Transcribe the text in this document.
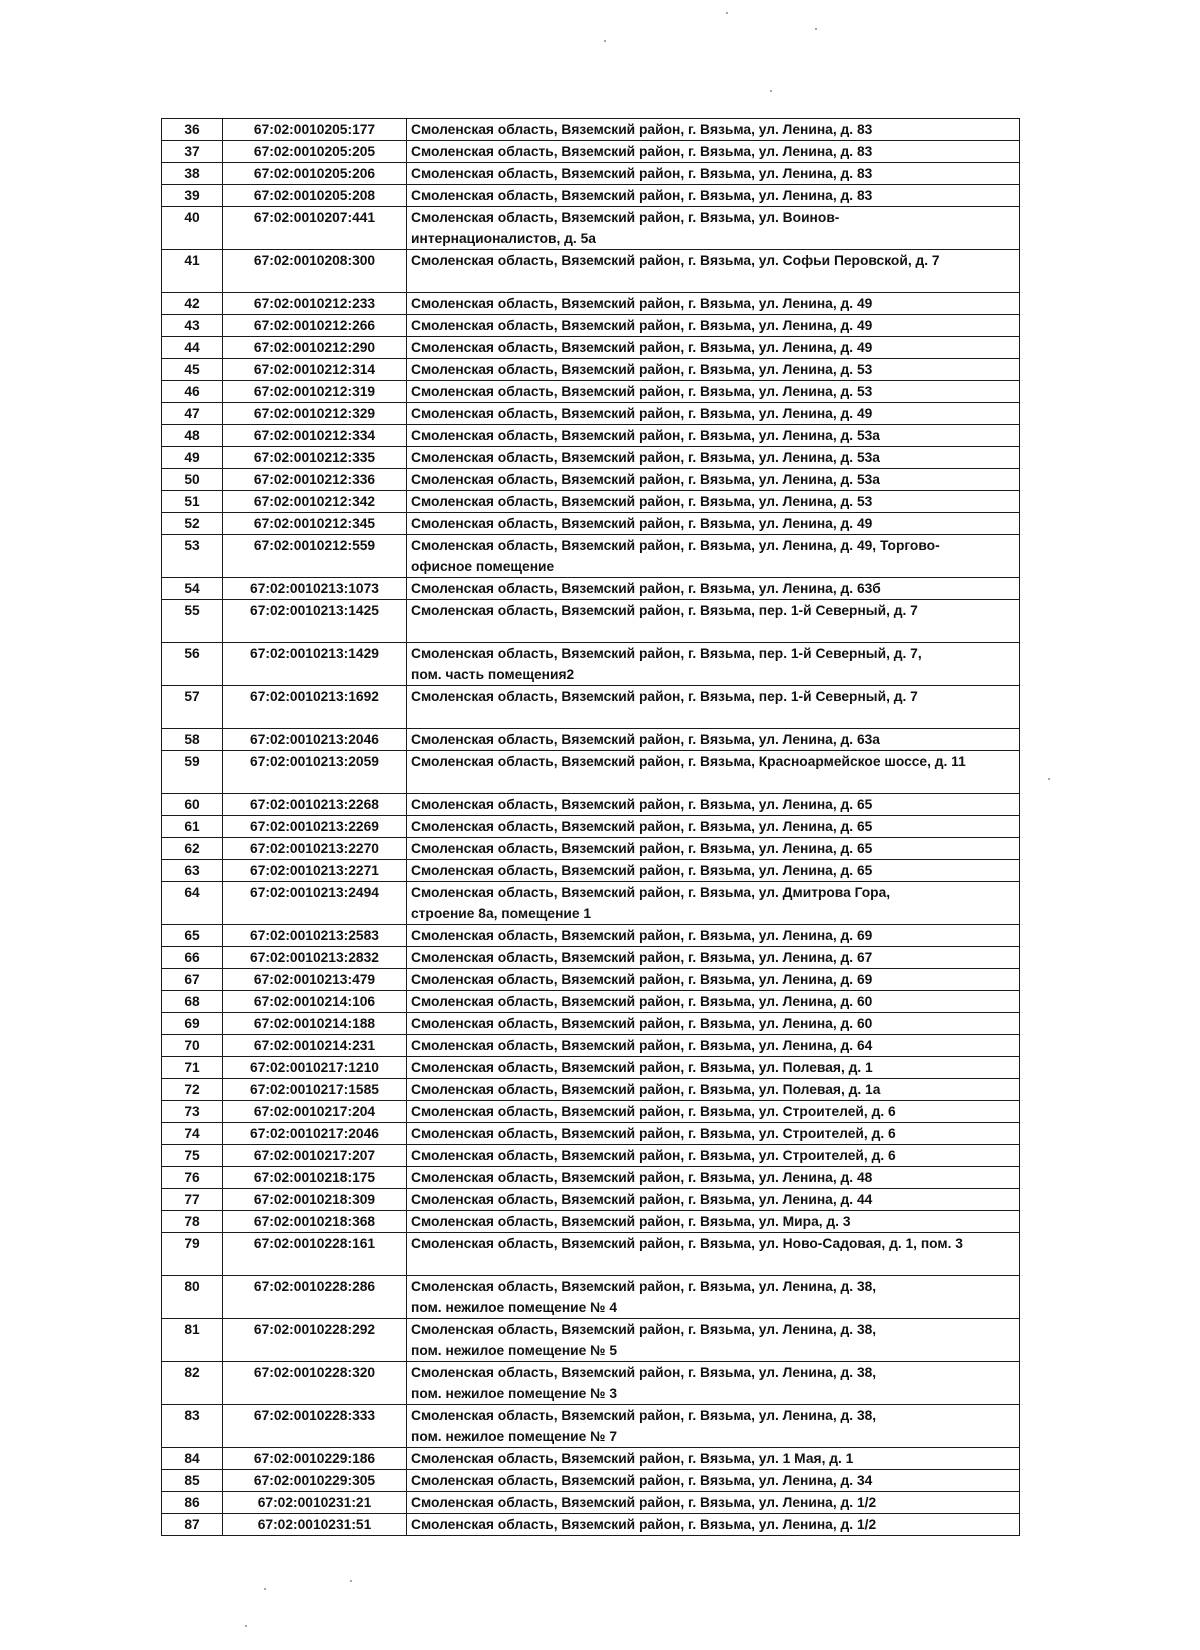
36	67:02:0010205:177	Смоленская область, Вяземский район, г. Вязьма, ул. Ленина, д. 83

37	67:02:0010205:205	Смоленская область, Вяземский район, г. Вязьма, ул. Ленина, д. 83

38	67:02:0010205:206	Смоленская область, Вяземский район, г. Вязьма, ул. Ленина, д. 83

39	67:02:0010205:208	Смоленская область, Вяземский район, г. Вязьма, ул. Ленина, д. 83

40	67:02:0010207:441	Смоленская область, Вяземский район, г. Вязьма, ул. Воинов-
интернационалистов, д. 5а

41	67:02:0010208:300	Смоленская область, Вяземский район, г. Вязьма, ул. Софьи Перовской, д. 7

42	67:02:0010212:233	Смоленская область, Вяземский район, г. Вязьма, ул. Ленина, д. 49

43	67:02:0010212:266	Смоленская область, Вяземский район, г. Вязьма, ул. Ленина, д. 49

44	67:02:0010212:290	Смоленская область, Вяземский район, г. Вязьма, ул. Ленина, д. 49

45	67:02:0010212:314	Смоленская область, Вяземский район, г. Вязьма, ул. Ленина, д. 53

46	67:02:0010212:319	Смоленская область, Вяземский район, г. Вязьма, ул. Ленина, д. 53

47	67:02:0010212:329	Смоленская область, Вяземский район, г. Вязьма, ул. Ленина, д. 49

48	67:02:0010212:334	Смоленская область, Вяземский район, г. Вязьма, ул. Ленина, д. 53а

49	67:02:0010212:335	Смоленская область, Вяземский район, г. Вязьма, ул. Ленина, д. 53а

50	67:02:0010212:336	Смоленская область, Вяземский район, г. Вязьма, ул. Ленина, д. 53а

51	67:02:0010212:342	Смоленская область, Вяземский район, г. Вязьма, ул. Ленина, д. 53

52	67:02:0010212:345	Смоленская область, Вяземский район, г. Вязьма, ул. Ленина, д. 49

53	67:02:0010212:559	Смоленская область, Вяземский район, г. Вязьма, ул. Ленина, д. 49, Торгово-
офисное помещение

54	67:02:0010213:1073	Смоленская область, Вяземский район, г. Вязьма, ул. Ленина, д. 63б

55	67:02:0010213:1425	Смоленская область, Вяземский район, г. Вязьма, пер. 1-й Северный, д. 7

56	67:02:0010213:1429	Смоленская область, Вяземский район, г. Вязьма, пер. 1-й Северный, д. 7,
пом. часть помещения2

57	67:02:0010213:1692	Смоленская область, Вяземский район, г. Вязьма, пер. 1-й Северный, д. 7

58	67:02:0010213:2046	Смоленская область, Вяземский район, г. Вязьма, ул. Ленина, д. 63а

59	67:02:0010213:2059	Смоленская область, Вяземский район, г. Вязьма, Красноармейское шоссе, д. 11

60	67:02:0010213:2268	Смоленская область, Вяземский район, г. Вязьма, ул. Ленина, д. 65

61	67:02:0010213:2269	Смоленская область, Вяземский район, г. Вязьма, ул. Ленина, д. 65

62	67:02:0010213:2270	Смоленская область, Вяземский район, г. Вязьма, ул. Ленина, д. 65

63	67:02:0010213:2271	Смоленская область, Вяземский район, г. Вязьма, ул. Ленина, д. 65

64	67:02:0010213:2494	Смоленская область, Вяземский район, г. Вязьма, ул. Дмитрова Гора,
строение 8а, помещение 1

65	67:02:0010213:2583	Смоленская область, Вяземский район, г. Вязьма, ул. Ленина, д. 69

66	67:02:0010213:2832	Смоленская область, Вяземский район, г. Вязьма, ул. Ленина, д. 67

67	67:02:0010213:479	Смоленская область, Вяземский район, г. Вязьма, ул. Ленина, д. 69

68	67:02:0010214:106	Смоленская область, Вяземский район, г. Вязьма, ул. Ленина, д. 60

69	67:02:0010214:188	Смоленская область, Вяземский район, г. Вязьма, ул. Ленина, д. 60

70	67:02:0010214:231	Смоленская область, Вяземский район, г. Вязьма, ул. Ленина, д. 64

71	67:02:0010217:1210	Смоленская область, Вяземский район, г. Вязьма, ул. Полевая, д. 1

72	67:02:0010217:1585	Смоленская область, Вяземский район, г. Вязьма, ул. Полевая, д. 1а

73	67:02:0010217:204	Смоленская область, Вяземский район, г. Вязьма, ул. Строителей, д. 6

74	67:02:0010217:2046	Смоленская область, Вяземский район, г. Вязьма, ул. Строителей, д. 6

75	67:02:0010217:207	Смоленская область, Вяземский район, г. Вязьма, ул. Строителей, д. 6

76	67:02:0010218:175	Смоленская область, Вяземский район, г. Вязьма, ул. Ленина, д. 48

77	67:02:0010218:309	Смоленская область, Вяземский район, г. Вязьма, ул. Ленина, д. 44

78	67:02:0010218:368	Смоленская область, Вяземский район, г. Вязьма, ул. Мира, д. 3

79	67:02:0010228:161	Смоленская область, Вяземский район, г. Вязьма, ул. Ново-Садовая, д. 1, пом. 3

80	67:02:0010228:286	Смоленская область, Вяземский район, г. Вязьма, ул. Ленина, д. 38,
пом. нежилое помещение № 4

81	67:02:0010228:292	Смоленская область, Вяземский район, г. Вязьма, ул. Ленина, д. 38,
пом. нежилое помещение № 5

82	67:02:0010228:320	Смоленская область, Вяземский район, г. Вязьма, ул. Ленина, д. 38,
пом. нежилое помещение № 3

83	67:02:0010228:333	Смоленская область, Вяземский район, г. Вязьма, ул. Ленина, д. 38,
пом. нежилое помещение № 7

84	67:02:0010229:186	Смоленская область, Вяземский район, г. Вязьма, ул. 1 Мая, д. 1

85	67:02:0010229:305	Смоленская область, Вяземский район, г. Вязьма, ул. Ленина, д. 34

86	67:02:0010231:21	Смоленская область, Вяземский район, г. Вязьма, ул. Ленина, д. 1/2

87	67:02:0010231:51	Смоленская область, Вяземский район, г. Вязьма, ул. Ленина, д. 1/2
